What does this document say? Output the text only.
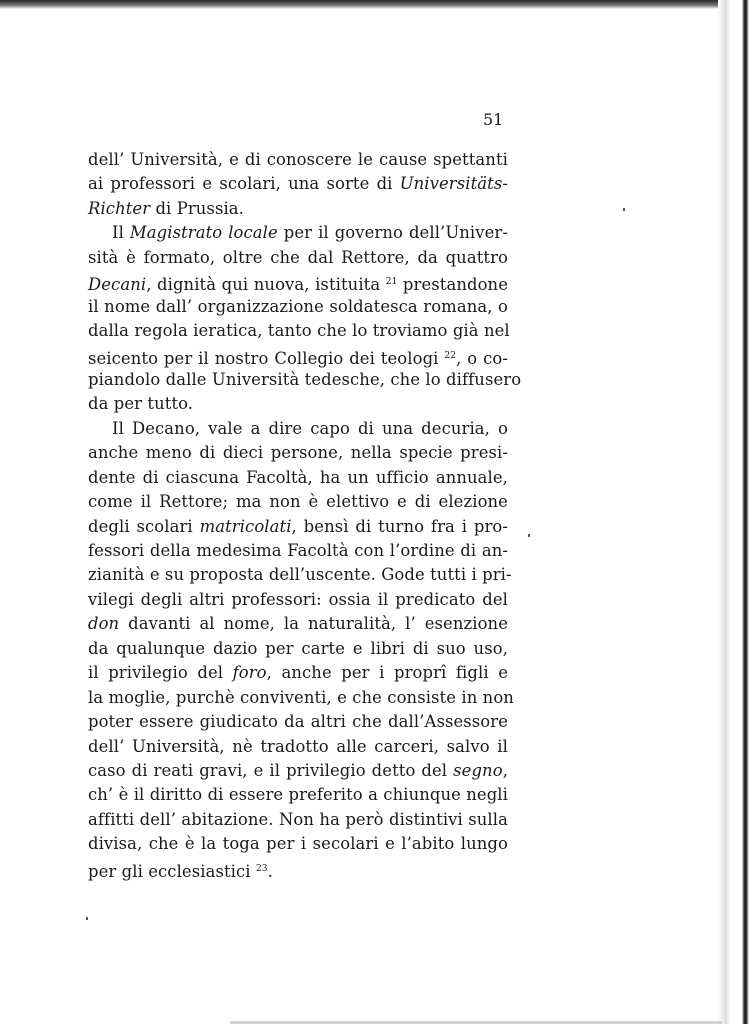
51
dell’ Università, e di conoscere le cause spettanti
ai professori e scolari, una sorte di Universitäts-
Richter di Prussia.
Il Magistrato locale per il governo dell’Univer-
sità è formato, oltre che dal Rettore, da quattro
Decani, dignità qui nuova, istituita $^{21}$ prestandone
il nome dall’ organizzazione soldatesca romana, o
dalla regola ieratica, tanto che lo troviamo già nel
seicento per il nostro Collegio dei teologi $^{22}$, o co-
piandolo dalle Università tedesche, che lo diffusero
da per tutto.
Il Decano, vale a dire capo di una decuria, o
anche meno di dieci persone, nella specie presi-
dente di ciascuna Facoltà, ha un ufficio annuale,
come il Rettore; ma non è elettivo e di elezione
degli scolari matricolati, bensì di turno fra i pro-
fessori della medesima Facoltà con l’ordine di an-
zianità e su proposta dell’uscente. Gode tutti i pri-
vilegi degli altri professori: ossia il predicato del
don davanti al nome, la naturalità, l’ esenzione
da qualunque dazio per carte e libri di suo uso,
il privilegio del foro, anche per i proprî figli e
la moglie, purchè conviventi, e che consiste in non
poter essere giudicato da altri che dall’Assessore
dell’ Università, nè tradotto alle carceri, salvo il
caso di reati gravi, e il privilegio detto del segno,
ch’ è il diritto di essere preferito a chiunque negli
affitti dell’ abitazione. Non ha però distintivi sulla
divisa, che è la toga per i secolari e l’abito lungo
per gli ecclesiastici $^{23}$.
